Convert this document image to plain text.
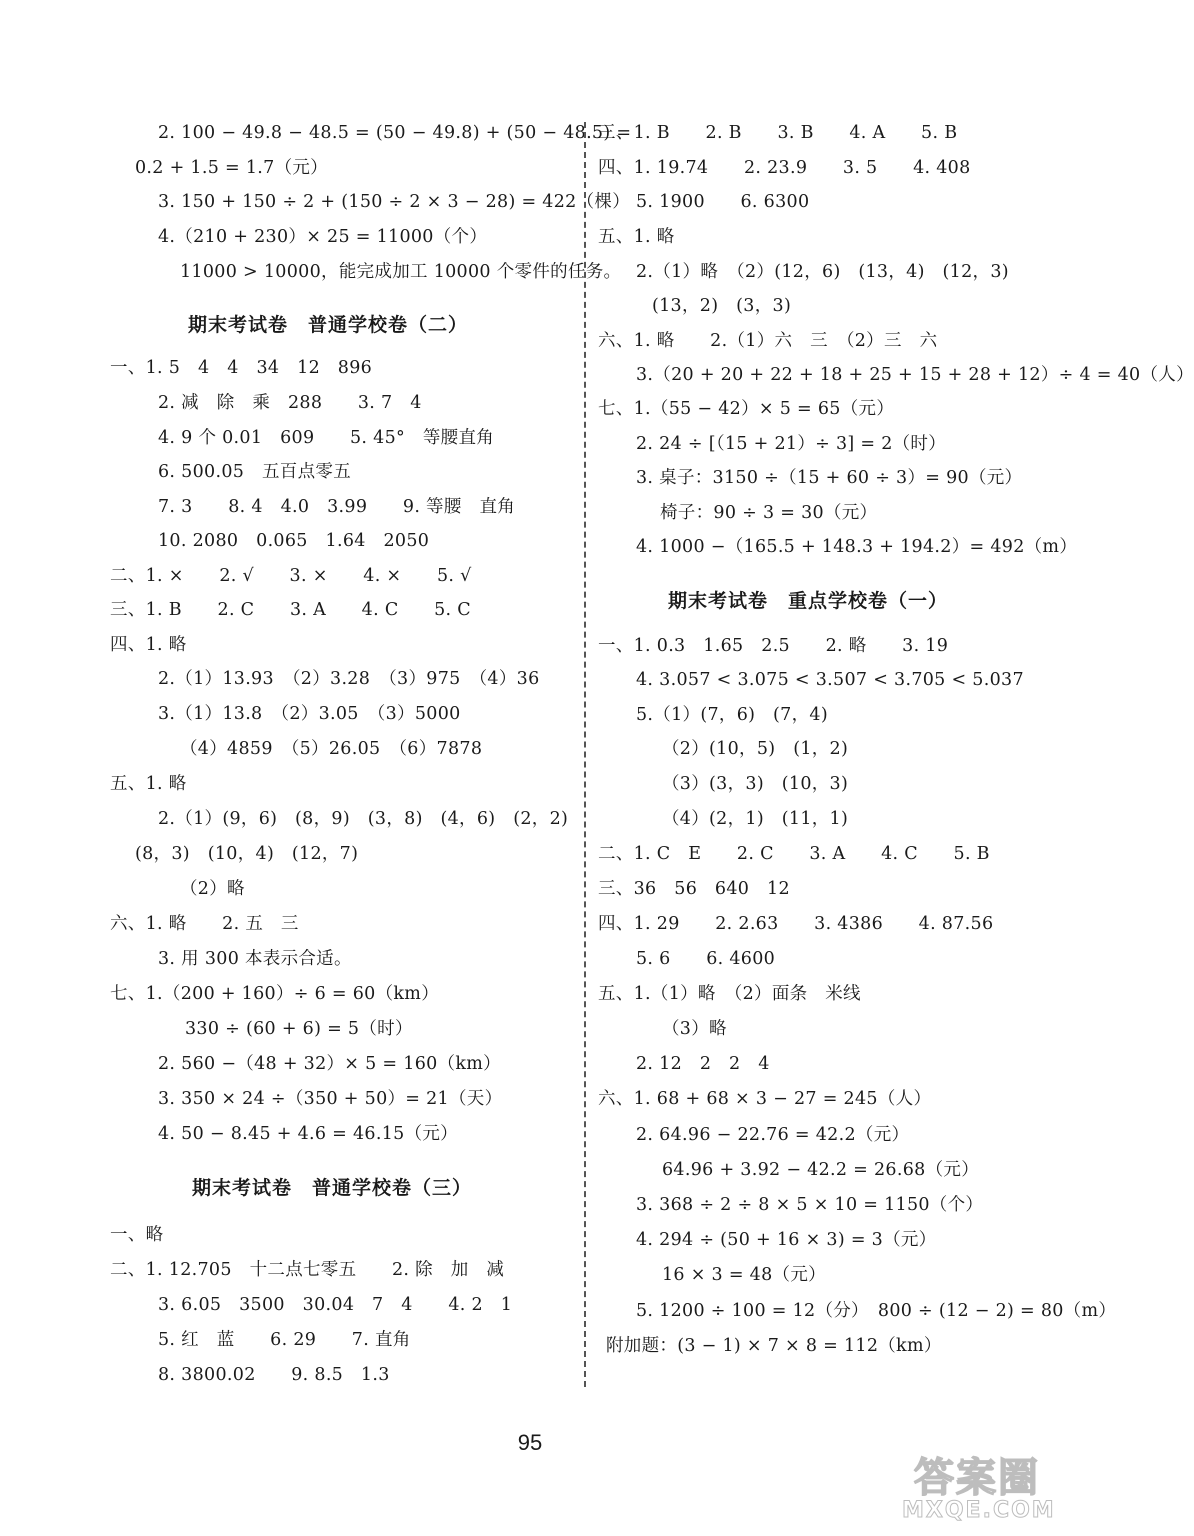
2. 100 − 49.8 − 48.5 = (50 − 49.8) + (50 − 48.5) =
0.2 + 1.5 = 1.7（元）
3. 150 + 150 ÷ 2 + (150 ÷ 2 × 3 − 28) = 422（棵）
4.（210 + 230）× 25 = 11000（个）
11000 > 10000，能完成加工 10000 个零件的任务。
期末考试卷　普通学校卷（二）
一、1. 5　4　4　34　12　896
2. 减　除　乘　288　　3. 7　4
4. 9 个 0.01　609　　5. 45°　等腰直角
6. 500.05　五百点零五
7. 3　　8. 4　4.0　3.99　　9. 等腰　直角
10. 2080　0.065　1.64　2050
二、1. ×　　2. √　　3. ×　　4. ×　　5. √
三、1. B　　2. C　　3. A　　4. C　　5. C
四、1. 略
2.（1）13.93　（2）3.28　（3）975　（4）36
3.（1）13.8　（2）3.05　（3）5000
（4）4859　（5）26.05　（6）7878
五、1. 略
2.（1）(9，6)　(8，9)　(3，8)　(4，6)　(2，2)
(8，3)　(10，4)　(12，7)
（2）略
六、1. 略　　2. 五　三
3. 用 300 本表示合适。
七、1.（200 + 160）÷ 6 = 60（km）
330 ÷ (60 + 6) = 5（时）
2. 560 −（48 + 32）× 5 = 160（km）
3. 350 × 24 ÷（350 + 50）= 21（天）
4. 50 − 8.45 + 4.6 = 46.15（元）
期末考试卷　普通学校卷（三）
一、略
二、1. 12.705　十二点七零五　　2. 除　加　减
3. 6.05　3500　30.04　7　4　　4. 2　1
5. 红　蓝　　6. 29　　7. 直角
8. 3800.02　　9. 8.5　1.3
三、1. B　　2. B　　3. B　　4. A　　5. B
四、1. 19.74　　2. 23.9　　3. 5　　4. 408
5. 1900　　6. 6300
五、1. 略
2.（1）略　（2）(12，6)　(13，4)　(12，3)
(13，2)　(3，3)
六、1. 略　　2.（1）六　三　（2）三　六
3.（20 + 20 + 22 + 18 + 25 + 15 + 28 + 12）÷ 4 = 40（人）
七、1.（55 − 42）× 5 = 65（元）
2. 24 ÷ [（15 + 21）÷ 3] = 2（时）
3. 桌子：3150 ÷（15 + 60 ÷ 3）= 90（元）
椅子：90 ÷ 3 = 30（元）
4. 1000 −（165.5 + 148.3 + 194.2）= 492（m）
期末考试卷　重点学校卷（一）
一、1. 0.3　1.65　2.5　　2. 略　　3. 19
4. 3.057 < 3.075 < 3.507 < 3.705 < 5.037
5.（1）(7，6)　(7，4)
（2）(10，5)　(1，2)
（3）(3，3)　(10，3)
（4）(2，1)　(11，1)
二、1. C　E　　2. C　　3. A　　4. C　　5. B
三、36　56　640　12
四、1. 29　　2. 2.63　　3. 4386　　4. 87.56
5. 6　　6. 4600
五、1.（1）略　（2）面条　米线
（3）略
2. 12　2　2　4
六、1. 68 + 68 × 3 − 27 = 245（人）
2. 64.96 − 22.76 = 42.2（元）
64.96 + 3.92 − 42.2 = 26.68（元）
3. 368 ÷ 2 ÷ 8 × 5 × 10 = 1150（个）
4. 294 ÷ (50 + 16 × 3) = 3（元）
16 × 3 = 48（元）
5. 1200 ÷ 100 = 12（分）　800 ÷ (12 − 2) = 80（m）
附加题：(3 − 1) × 7 × 8 = 112（km）
95
答案圈
MXQE.COM
